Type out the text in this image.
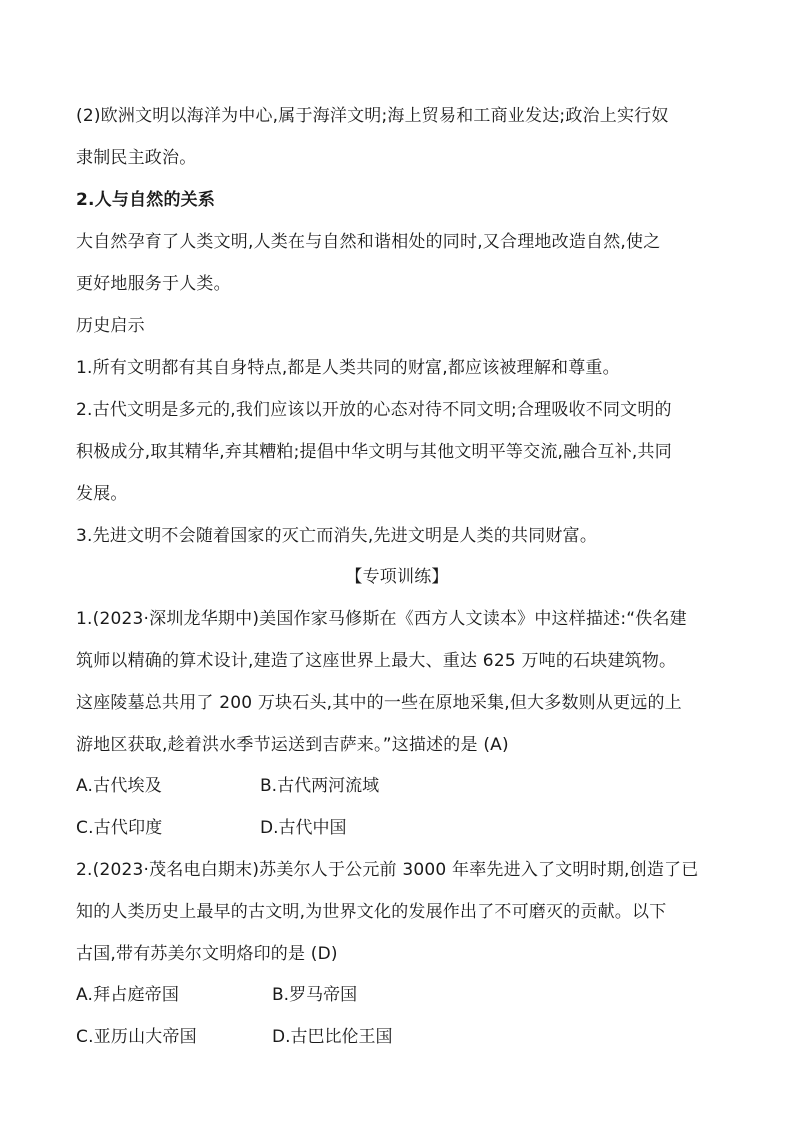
(2)欧洲文明以海洋为中心,属于海洋文明;海上贸易和工商业发达;政治上实行奴
隶制民主政治。
2.人与自然的关系
大自然孕育了人类文明,人类在与自然和谐相处的同时,又合理地改造自然,使之
更好地服务于人类。
历史启示
1.所有文明都有其自身特点,都是人类共同的财富,都应该被理解和尊重。
2.古代文明是多元的,我们应该以开放的心态对待不同文明;合理吸收不同文明的
积极成分,取其精华,弃其糟粕;提倡中华文明与其他文明平等交流,融合互补,共同
发展。
3.先进文明不会随着国家的灭亡而消失,先进文明是人类的共同财富。
【专项训练】
1.(2023·深圳龙华期中)美国作家马修斯在《西方人文读本》中这样描述:“佚名建
筑师以精确的算术设计,建造了这座世界上最大、重达 625 万吨的石块建筑物。
这座陵墓总共用了 200 万块石头,其中的一些在原地采集,但大多数则从更远的上
游地区获取,趁着洪水季节运送到吉萨来。”这描述的是 (A)
A.古代埃及	B.古代两河流域
C.古代印度	D.古代中国
2.(2023·茂名电白期末)苏美尔人于公元前 3000 年率先进入了文明时期,创造了已
知的人类历史上最早的古文明,为世界文化的发展作出了不可磨灭的贡献。以下
古国,带有苏美尔文明烙印的是 (D)
A.拜占庭帝国	B.罗马帝国
C.亚历山大帝国	D.古巴比伦王国
